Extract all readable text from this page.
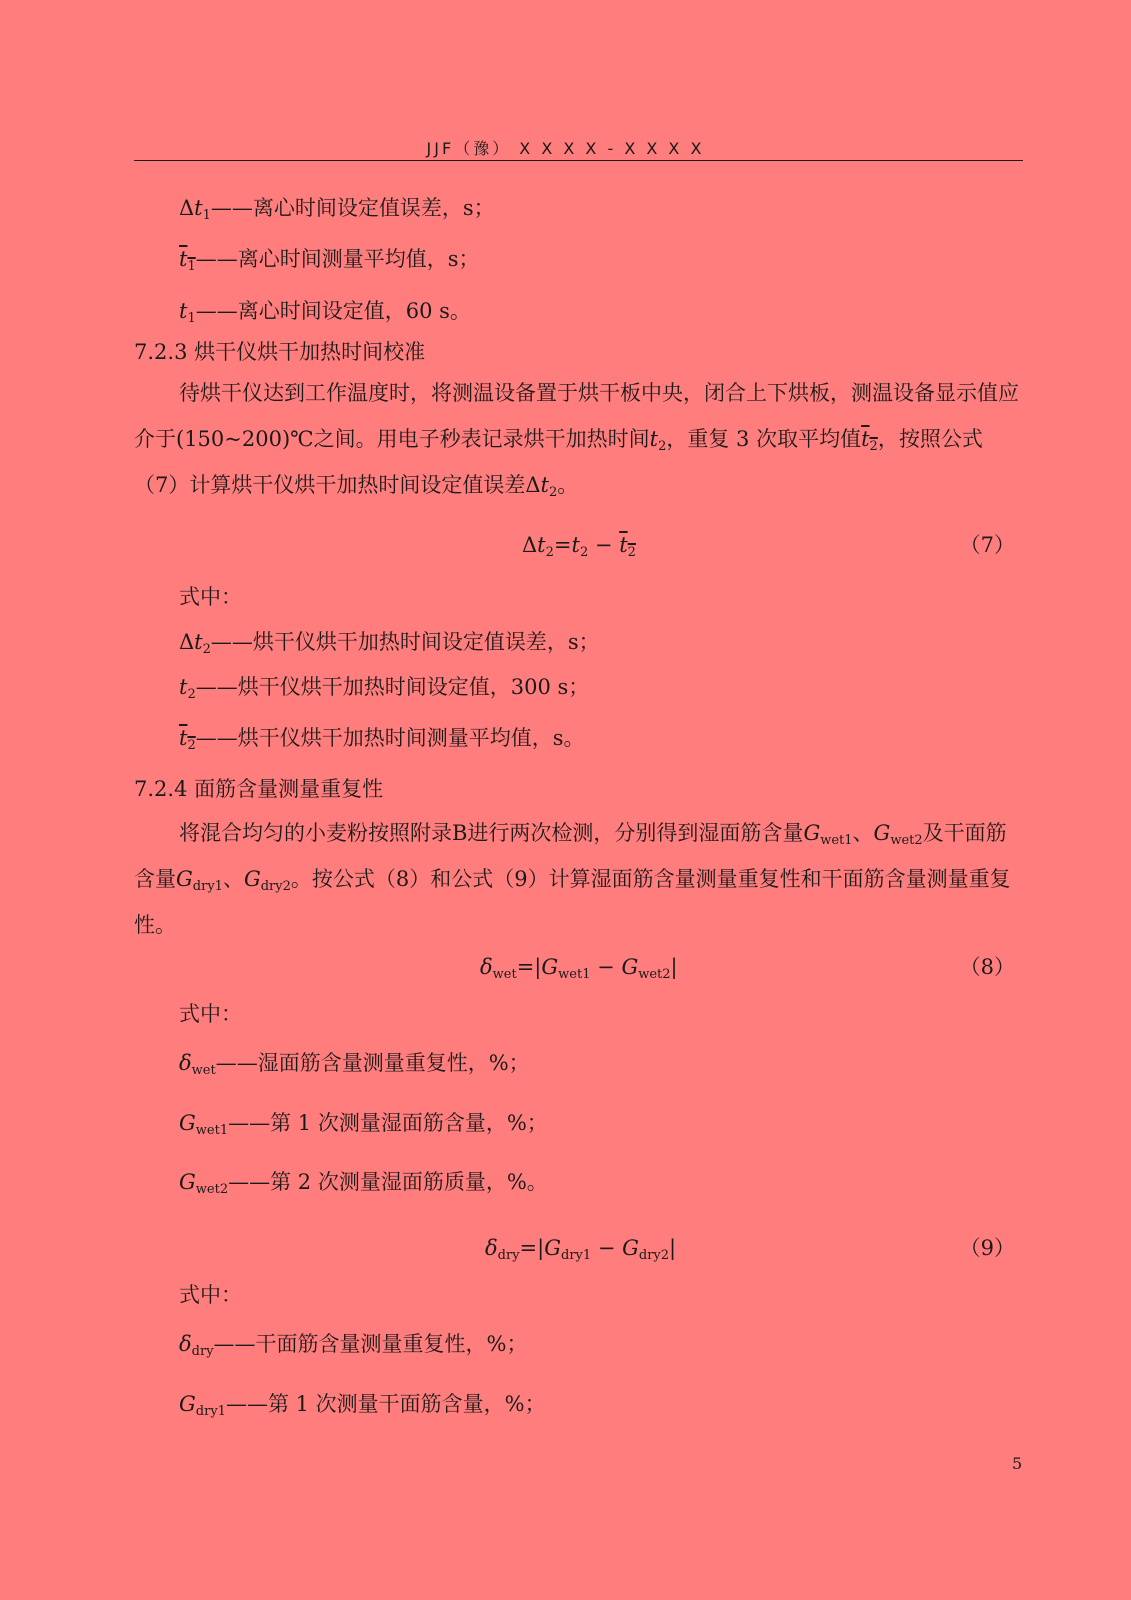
JJF（豫） X X X X - X X X X
$\Delta t_1——$离心时间设定值误差，s；
$t_1——$离心时间测量平均值，s；
$t_1——$离心时间设定值，60 s。
7.2.3 烘干仪烘干加热时间校准
待烘干仪达到工作温度时，将测温设备置于烘干板中央，闭合上下烘板，测温设备显示值应介于(150~200)℃之间。用电子秒表记录烘干加热时间$t_2$，重复 3 次取平均值$t_2$，按照公式（7）计算烘干仪烘干加热时间设定值误差$\Delta t_2$。
$\Delta t_2=t_2 - t_2$	（7）
式中：
$\Delta t_2——$烘干仪烘干加热时间设定值误差，s；
$t_2——$烘干仪烘干加热时间设定值，300 s；
$t_2——$烘干仪烘干加热时间测量平均值，s。
7.2.4 面筋含量测量重复性
将混合均匀的小麦粉按照附录B进行两次检测，分别得到湿面筋含量$G_{wet1}$、$G_{wet2}$及干面筋含量$G_{dry1}$、$G_{dry2}$。按公式（8）和公式（9）计算湿面筋含量测量重复性和干面筋含量测量重复性。
$\delta_{wet}=|G_{wet1} - G_{wet2}|$	（8）
式中：
$\delta_{wet}——$湿面筋含量测量重复性，%；
$G_{wet1}——$第 1 次测量湿面筋含量，%；
$G_{wet2}——$第 2 次测量湿面筋质量，%。
$\delta_{dry}=|G_{dry1} - G_{dry2}|$	（9）
式中：
$\delta_{dry}——$干面筋含量测量重复性，%；
$G_{dry1}——$第 1 次测量干面筋含量，%；
5
